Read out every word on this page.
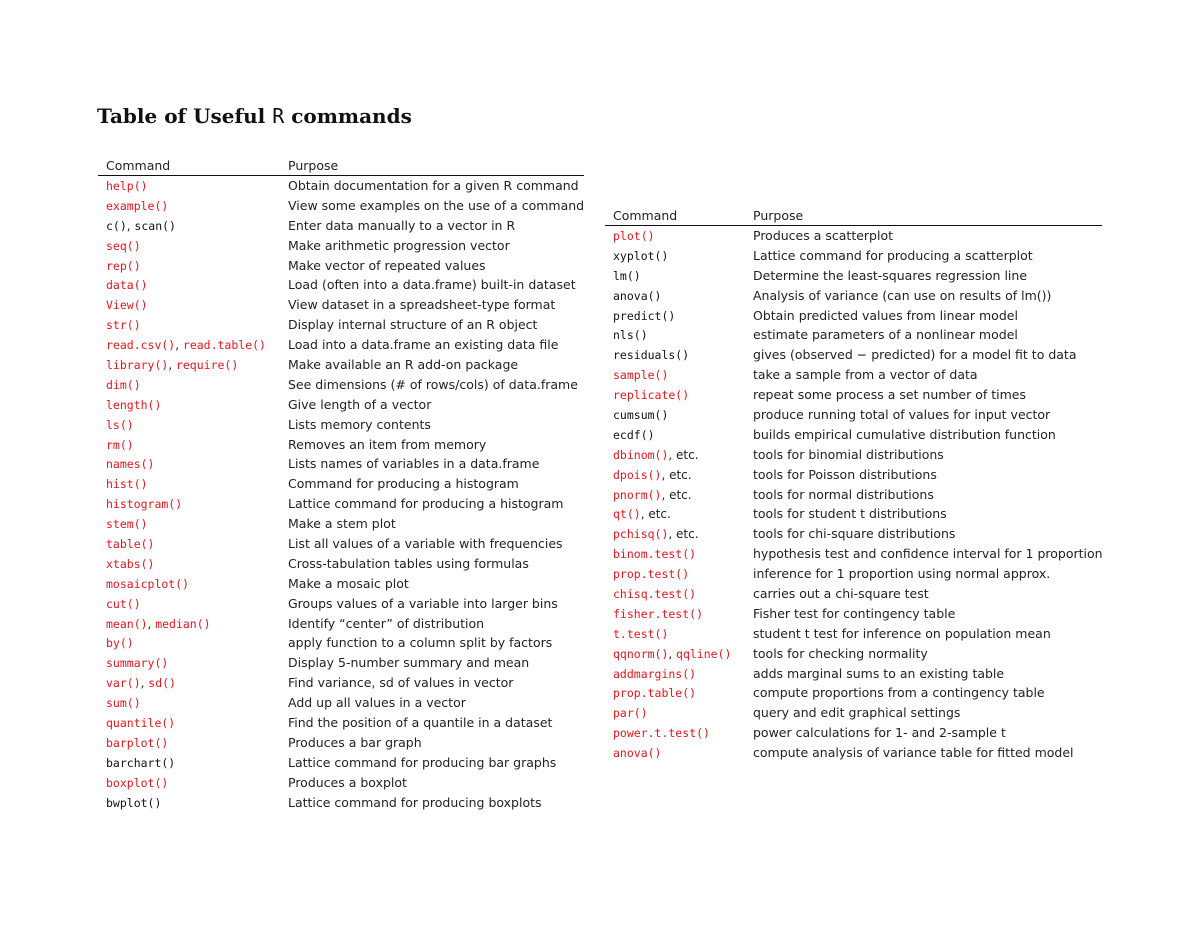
Table of Useful R commands
Command	Purpose
help()	Obtain documentation for a given R command
example()	View some examples on the use of a command
c(), scan()	Enter data manually to a vector in R
seq()	Make arithmetic progression vector
rep()	Make vector of repeated values
data()	Load (often into a data.frame) built-in dataset
View()	View dataset in a spreadsheet-type format
str()	Display internal structure of an R object
read.csv(), read.table()	Load into a data.frame an existing data file
library(), require()	Make available an R add-on package
dim()	See dimensions (# of rows/cols) of data.frame
length()	Give length of a vector
ls()	Lists memory contents
rm()	Removes an item from memory
names()	Lists names of variables in a data.frame
hist()	Command for producing a histogram
histogram()	Lattice command for producing a histogram
stem()	Make a stem plot
table()	List all values of a variable with frequencies
xtabs()	Cross-tabulation tables using formulas
mosaicplot()	Make a mosaic plot
cut()	Groups values of a variable into larger bins
mean(), median()	Identify “center” of distribution
by()	apply function to a column split by factors
summary()	Display 5-number summary and mean
var(), sd()	Find variance, sd of values in vector
sum()	Add up all values in a vector
quantile()	Find the position of a quantile in a dataset
barplot()	Produces a bar graph
barchart()	Lattice command for producing bar graphs
boxplot()	Produces a boxplot
bwplot()	Lattice command for producing boxplots
Command	Purpose
plot()	Produces a scatterplot
xyplot()	Lattice command for producing a scatterplot
lm()	Determine the least-squares regression line
anova()	Analysis of variance (can use on results of lm())
predict()	Obtain predicted values from linear model
nls()	estimate parameters of a nonlinear model
residuals()	gives (observed − predicted) for a model fit to data
sample()	take a sample from a vector of data
replicate()	repeat some process a set number of times
cumsum()	produce running total of values for input vector
ecdf()	builds empirical cumulative distribution function
dbinom(), etc.	tools for binomial distributions
dpois(), etc.	tools for Poisson distributions
pnorm(), etc.	tools for normal distributions
qt(), etc.	tools for student t distributions
pchisq(), etc.	tools for chi-square distributions
binom.test()	hypothesis test and confidence interval for 1 proportion
prop.test()	inference for 1 proportion using normal approx.
chisq.test()	carries out a chi-square test
fisher.test()	Fisher test for contingency table
t.test()	student t test for inference on population mean
qqnorm(), qqline()	tools for checking normality
addmargins()	adds marginal sums to an existing table
prop.table()	compute proportions from a contingency table
par()	query and edit graphical settings
power.t.test()	power calculations for 1- and 2-sample t
anova()	compute analysis of variance table for fitted model
